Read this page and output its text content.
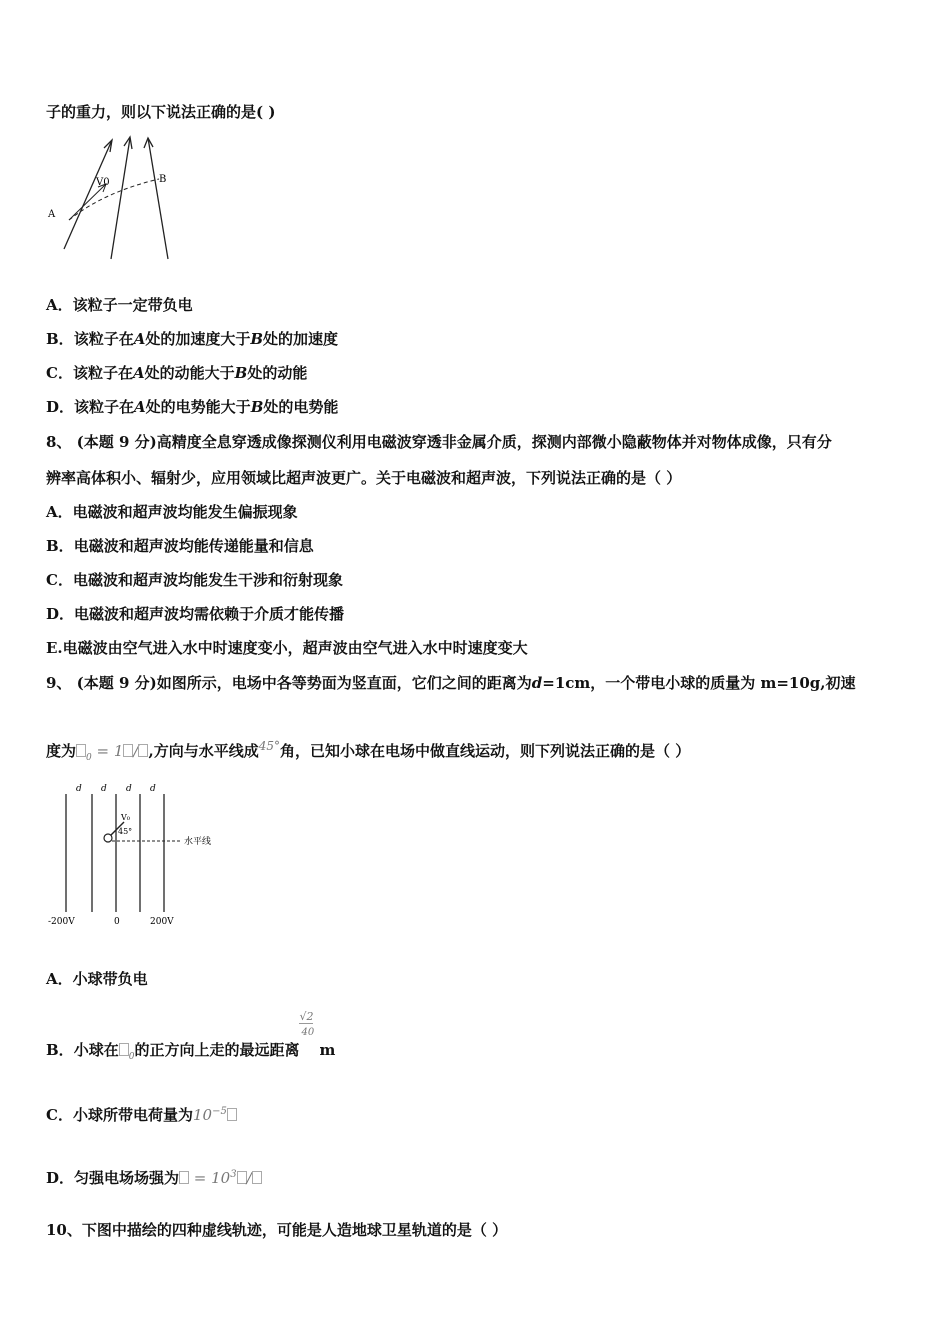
子的重力，则以下说法正确的是( )
A
V0	B
A．该粒子一定带负电
B．该粒子在A处的加速度大于B处的加速度
C．该粒子在A处的动能大于B处的动能
D．该粒子在A处的电势能大于B处的电势能
8、 (本题 9 分)高精度全息穿透成像探测仪利用电磁波穿透非金属介质，探测内部微小隐蔽物体并对物体成像，只有分
辨率高体积小、辐射少，应用领域比超声波更广。关于电磁波和超声波，下列说法正确的是（ ）
A．电磁波和超声波均能发生偏振现象
B．电磁波和超声波均能传递能量和信息
C．电磁波和超声波均能发生干涉和衍射现象
D．电磁波和超声波均需依赖于介质才能传播
E.电磁波由空气进入水中时速度变小，超声波由空气进入水中时速度变大
9、 (本题 9 分)如图所示，电场中各等势面为竖直面，它们之间的距离为d=1cm，一个带电小球的质量为 m=10g,初速
度为 $_0$ = 1 / ,方向与水平线成$^{45^\circ}$角，已知小球在电场中做直线运动，则下列说法正确的是（ ）
d d d d
V₀
45°
水平线
-200V	0	200V
A．小球带负电
B．小球在 $_0$的正方向上走的最远距离 $\frac{√2}{40}$ m
C．小球所带电荷量为$10^{-5}$
D．匀强电场场强为 = $10^3$ /
10、下图中描绘的四种虚线轨迹，可能是人造地球卫星轨道的是（ ）
